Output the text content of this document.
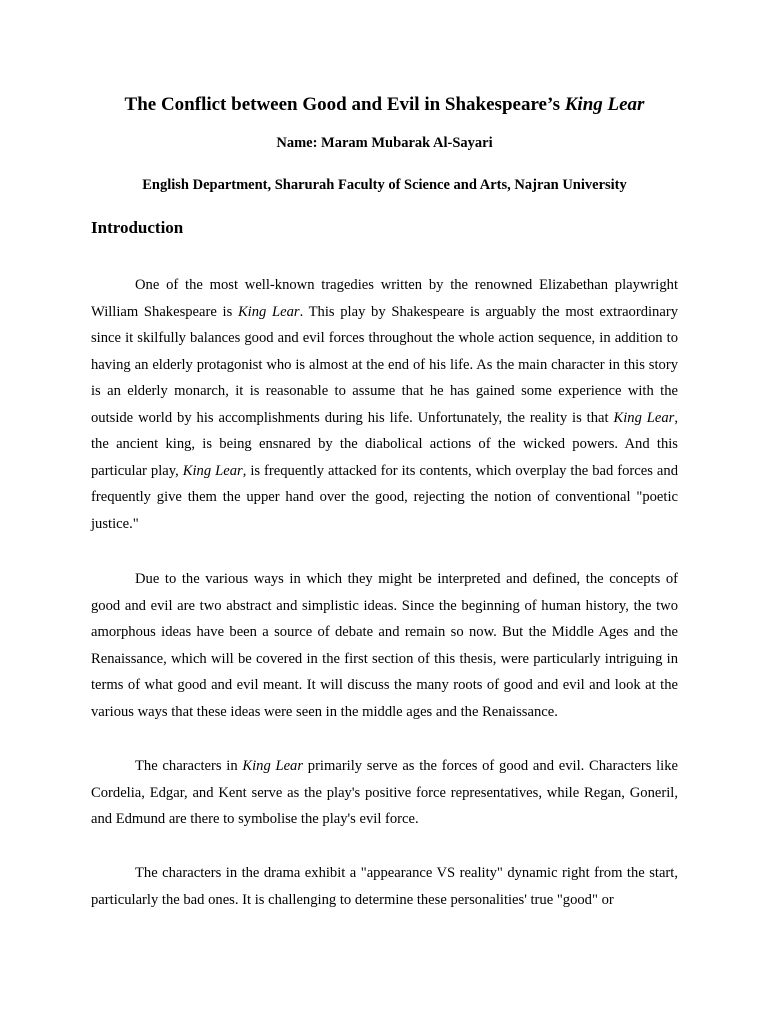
The Conflict between Good and Evil in Shakespeare’s King Lear
Name: Maram Mubarak Al-Sayari
English Department, Sharurah Faculty of Science and Arts, Najran University
Introduction

One of the most well-known tragedies written by the renowned Elizabethan playwright William Shakespeare is King Lear. This play by Shakespeare is arguably the most extraordinary since it skilfully balances good and evil forces throughout the whole action sequence, in addition to having an elderly protagonist who is almost at the end of his life. As the main character in this story is an elderly monarch, it is reasonable to assume that he has gained some experience with the outside world by his accomplishments during his life. Unfortunately, the reality is that King Lear, the ancient king, is being ensnared by the diabolical actions of the wicked powers. And this particular play, King Lear, is frequently attacked for its contents, which overplay the bad forces and frequently give them the upper hand over the good, rejecting the notion of conventional "poetic justice."

Due to the various ways in which they might be interpreted and defined, the concepts of good and evil are two abstract and simplistic ideas. Since the beginning of human history, the two amorphous ideas have been a source of debate and remain so now. But the Middle Ages and the Renaissance, which will be covered in the first section of this thesis, were particularly intriguing in terms of what good and evil meant. It will discuss the many roots of good and evil and look at the various ways that these ideas were seen in the middle ages and the Renaissance.

The characters in King Lear primarily serve as the forces of good and evil. Characters like Cordelia, Edgar, and Kent serve as the play's positive force representatives, while Regan, Goneril, and Edmund are there to symbolise the play's evil force.

The characters in the drama exhibit a "appearance VS reality" dynamic right from the start, particularly the bad ones. It is challenging to determine these personalities' true "good" or
